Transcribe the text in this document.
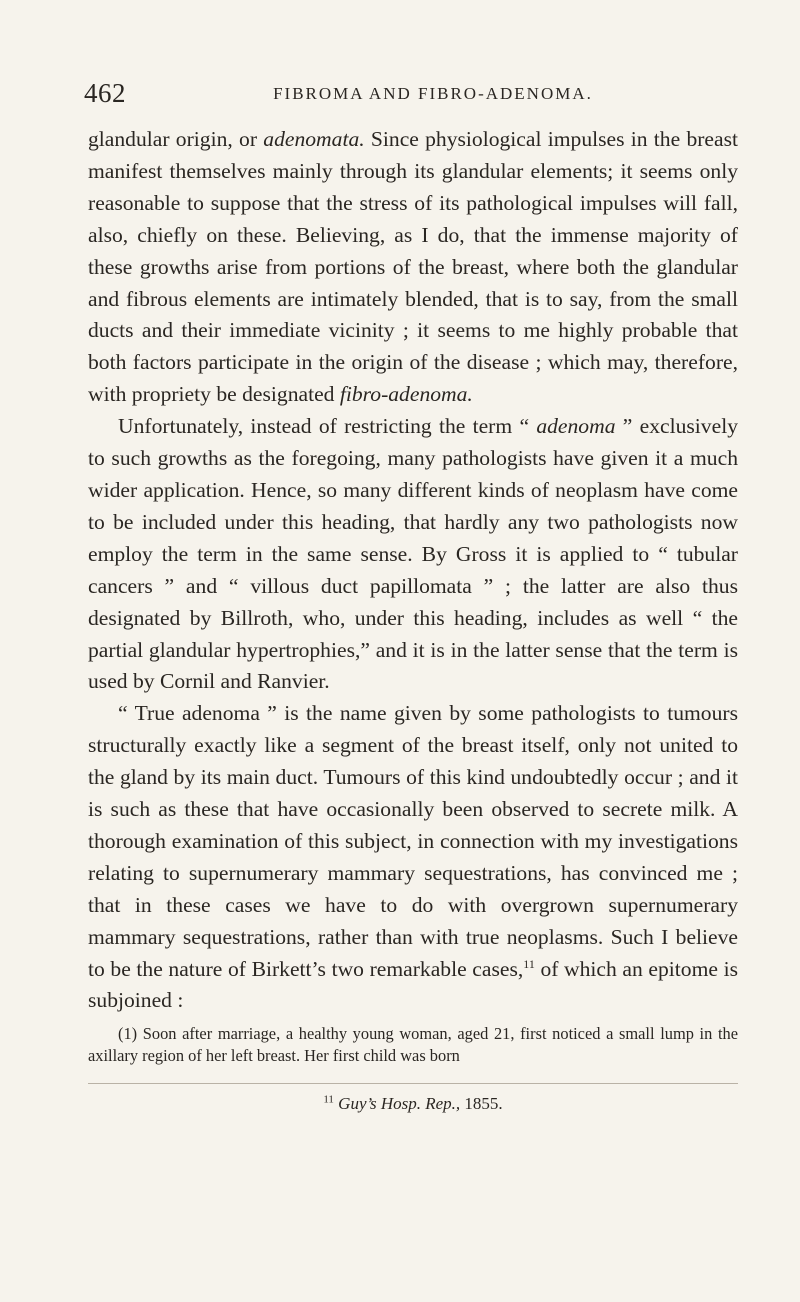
462	FIBROMA AND FIBRO-ADENOMA.

glandular origin, or adenomata. Since physiological impulses in the breast manifest themselves mainly through its glandular elements; it seems only reasonable to suppose that the stress of its pathological impulses will fall, also, chiefly on these. Believing, as I do, that the immense majority of these growths arise from portions of the breast, where both the glandular and fibrous elements are intimately blended, that is to say, from the small ducts and their immediate vicinity ; it seems to me highly probable that both factors participate in the origin of the disease ; which may, therefore, with propriety be designated fibro-adenoma.

Unfortunately, instead of restricting the term “ adenoma ” exclusively to such growths as the foregoing, many pathologists have given it a much wider application. Hence, so many different kinds of neoplasm have come to be included under this heading, that hardly any two pathologists now employ the term in the same sense. By Gross it is applied to “ tubular cancers ” and “ villous duct papillomata ” ; the latter are also thus designated by Billroth, who, under this heading, includes as well “ the partial glandular hypertrophies,” and it is in the latter sense that the term is used by Cornil and Ranvier.

“ True adenoma ” is the name given by some pathologists to tumours structurally exactly like a segment of the breast itself, only not united to the gland by its main duct. Tumours of this kind undoubtedly occur ; and it is such as these that have occasionally been observed to secrete milk. A thorough examination of this subject, in connection with my investigations relating to supernumerary mammary sequestrations, has convinced me ; that in these cases we have to do with overgrown supernumerary mammary sequestrations, rather than with true neoplasms. Such I believe to be the nature of Birkett’s two remarkable cases,$^{11}$ of which an epitome is subjoined :

(1) Soon after marriage, a healthy young woman, aged 21, first noticed a small lump in the axillary region of her left breast. Her first child was born

$^{11}$ Guy’s Hosp. Rep., 1855.
